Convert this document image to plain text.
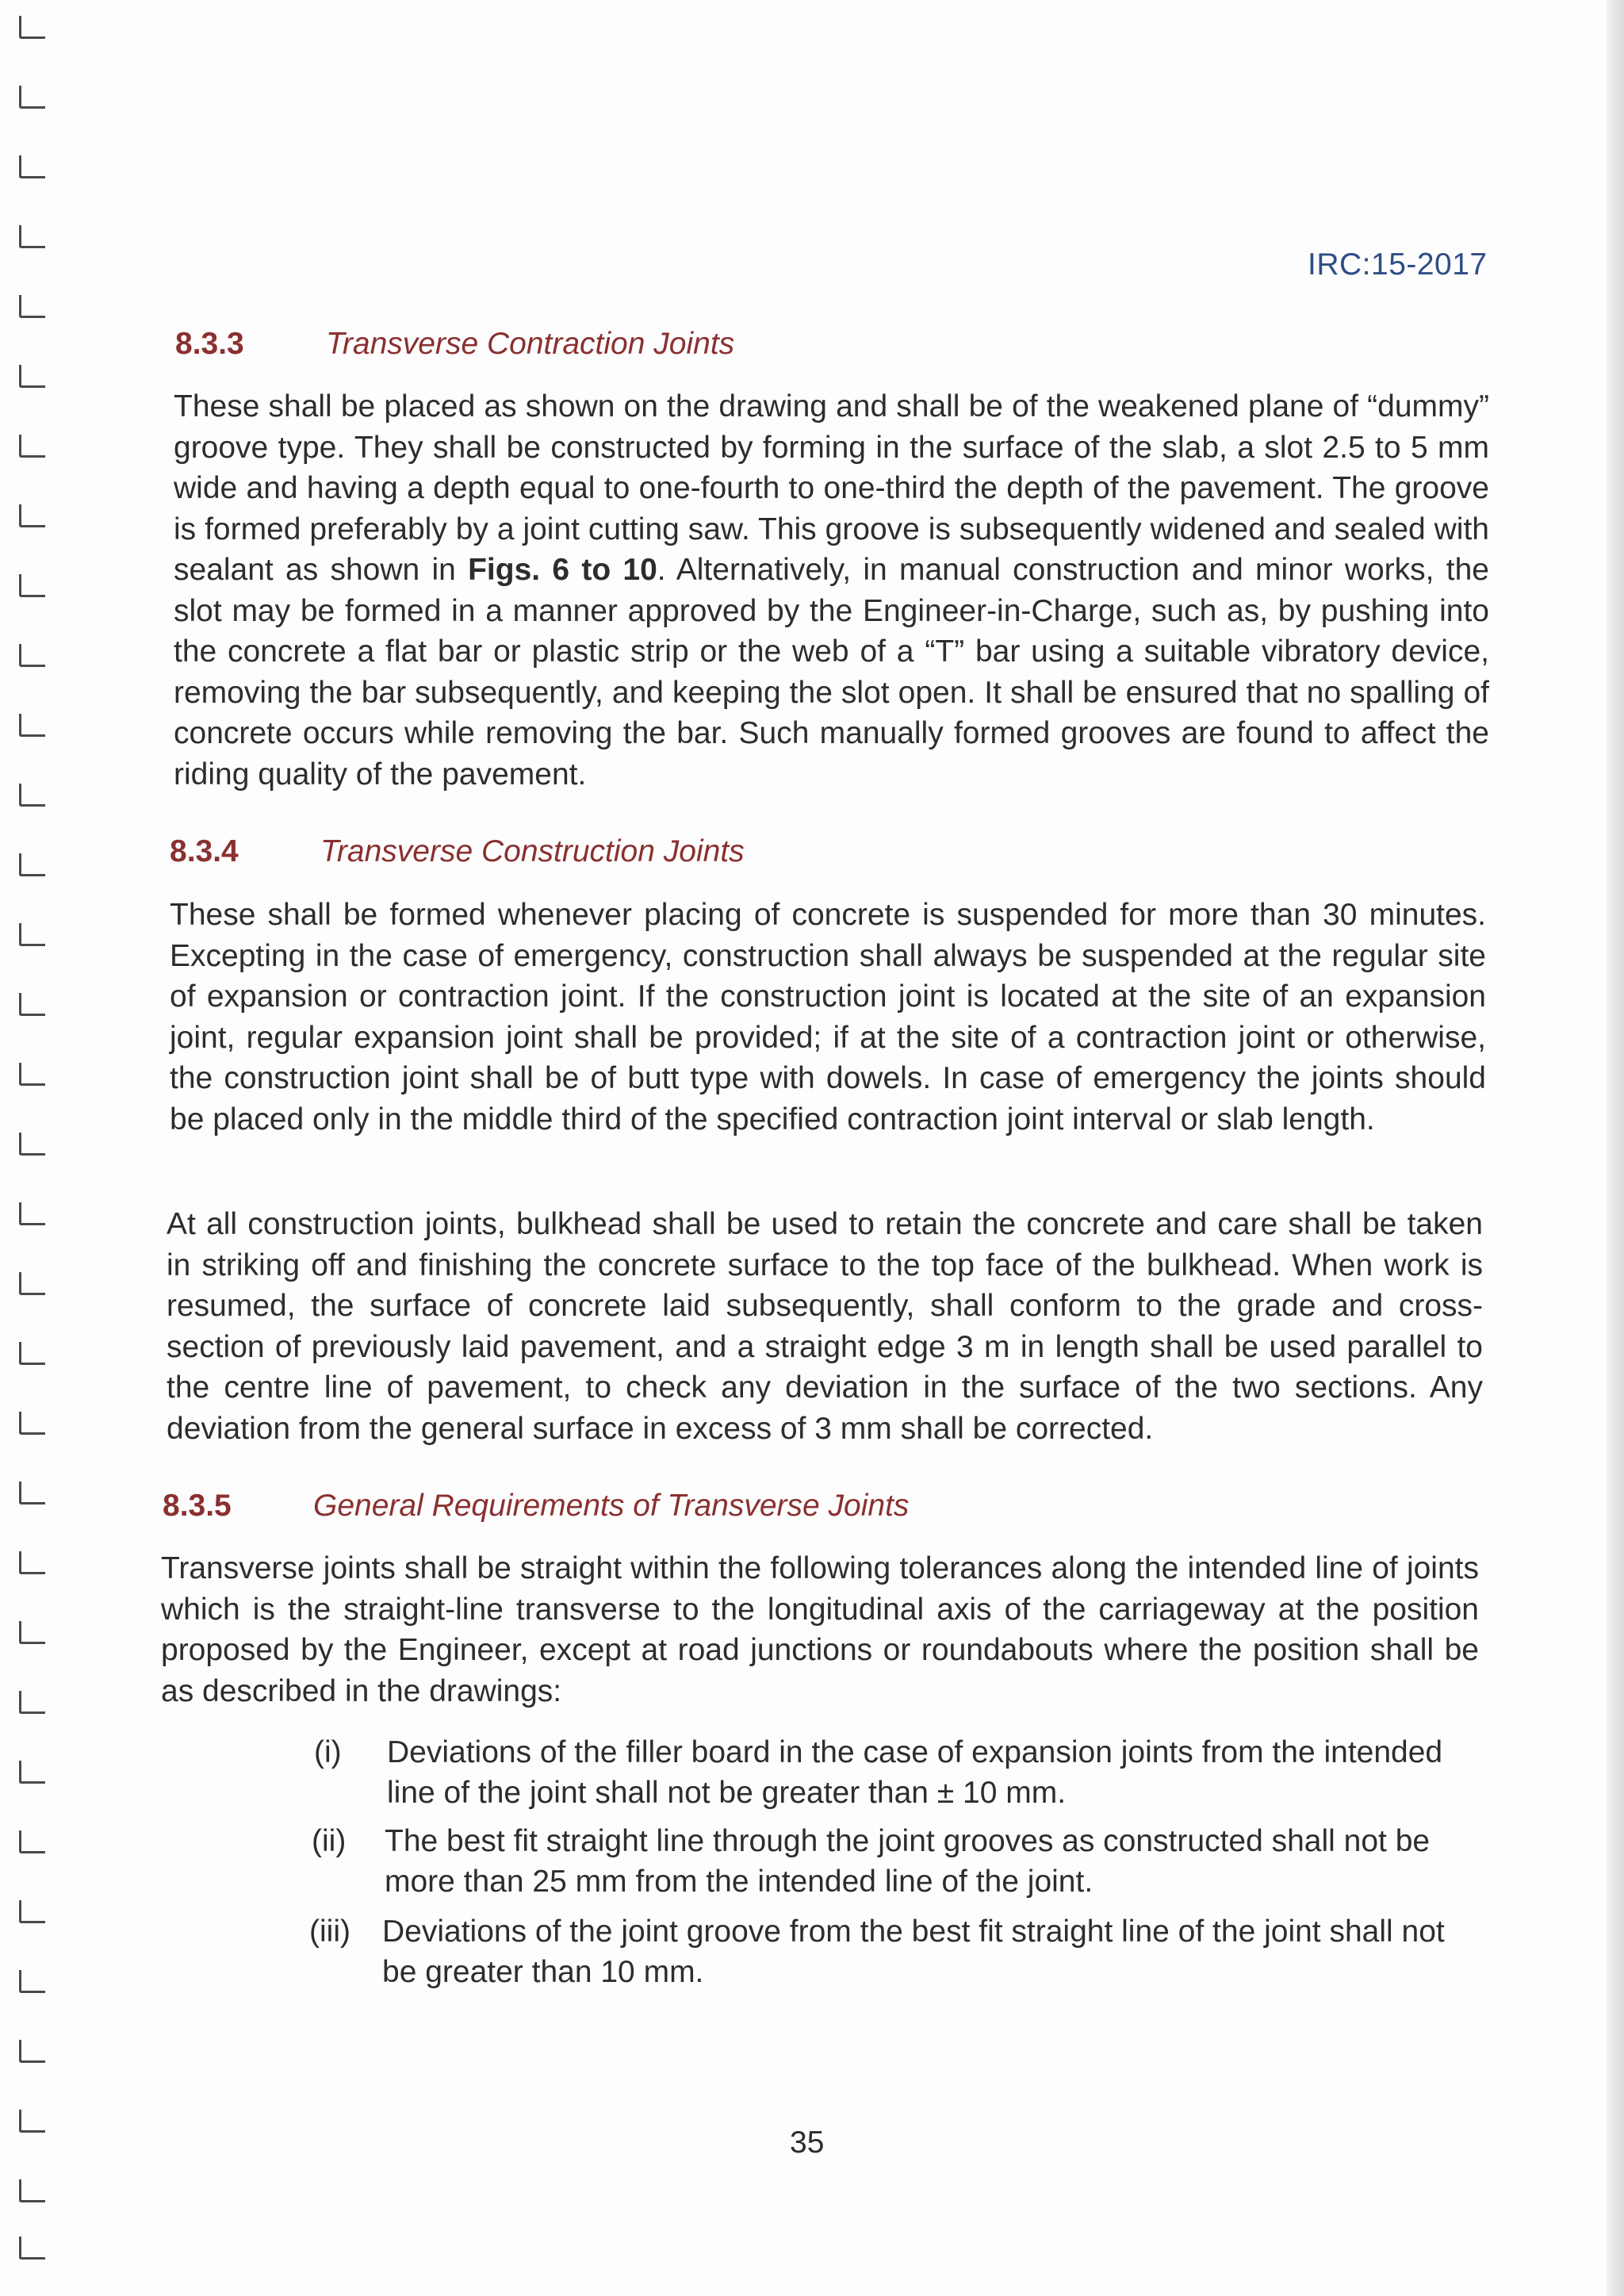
IRC:15-2017
8.3.3	Transverse Contraction Joints
These shall be placed as shown on the drawing and shall be of the weakened plane of “dummy” groove type. They shall be constructed by forming in the surface of the slab, a slot 2.5 to 5 mm wide and having a depth equal to one-fourth to one-third the depth of the pavement. The groove is formed preferably by a joint cutting saw. This groove is subsequently widened and sealed with sealant as shown in Figs. 6 to 10. Alternatively, in manual construction and minor works, the slot may be formed in a manner approved by the Engineer-in-Charge, such as, by pushing into the concrete a flat bar or plastic strip or the web of a “T” bar using a suitable vibratory device, removing the bar subsequently, and keeping the slot open. It shall be ensured that no spalling of concrete occurs while removing the bar. Such manually formed grooves are found to affect the riding quality of the pavement.
8.3.4	Transverse Construction Joints
These shall be formed whenever placing of concrete is suspended for more than 30 minutes. Excepting in the case of emergency, construction shall always be suspended at the regular site of expansion or contraction joint. If the construction joint is located at the site of an expansion joint, regular expansion joint shall be provided; if at the site of a contraction joint or otherwise, the construction joint shall be of butt type with dowels. In case of emergency the joints should be placed only in the middle third of the specified contraction joint interval or slab length.
At all construction joints, bulkhead shall be used to retain the concrete and care shall be taken in striking off and finishing the concrete surface to the top face of the bulkhead. When work is resumed, the surface of concrete laid subsequently, shall conform to the grade and cross-section of previously laid pavement, and a straight edge 3 m in length shall be used parallel to the centre line of pavement, to check any deviation in the surface of the two sections. Any deviation from the general surface in excess of 3 mm shall be corrected.
8.3.5	General Requirements of Transverse Joints
Transverse joints shall be straight within the following tolerances along the intended line of joints which is the straight-line transverse to the longitudinal axis of the carriageway at the position proposed by the Engineer, except at road junctions or roundabouts where the position shall be as described in the drawings:
(i) Deviations of the filler board in the case of expansion joints from the intended line of the joint shall not be greater than ± 10 mm.
(ii) The best fit straight line through the joint grooves as constructed shall not be more than 25 mm from the intended line of the joint.
(iii) Deviations of the joint groove from the best fit straight line of the joint shall not be greater than 10 mm.
35
